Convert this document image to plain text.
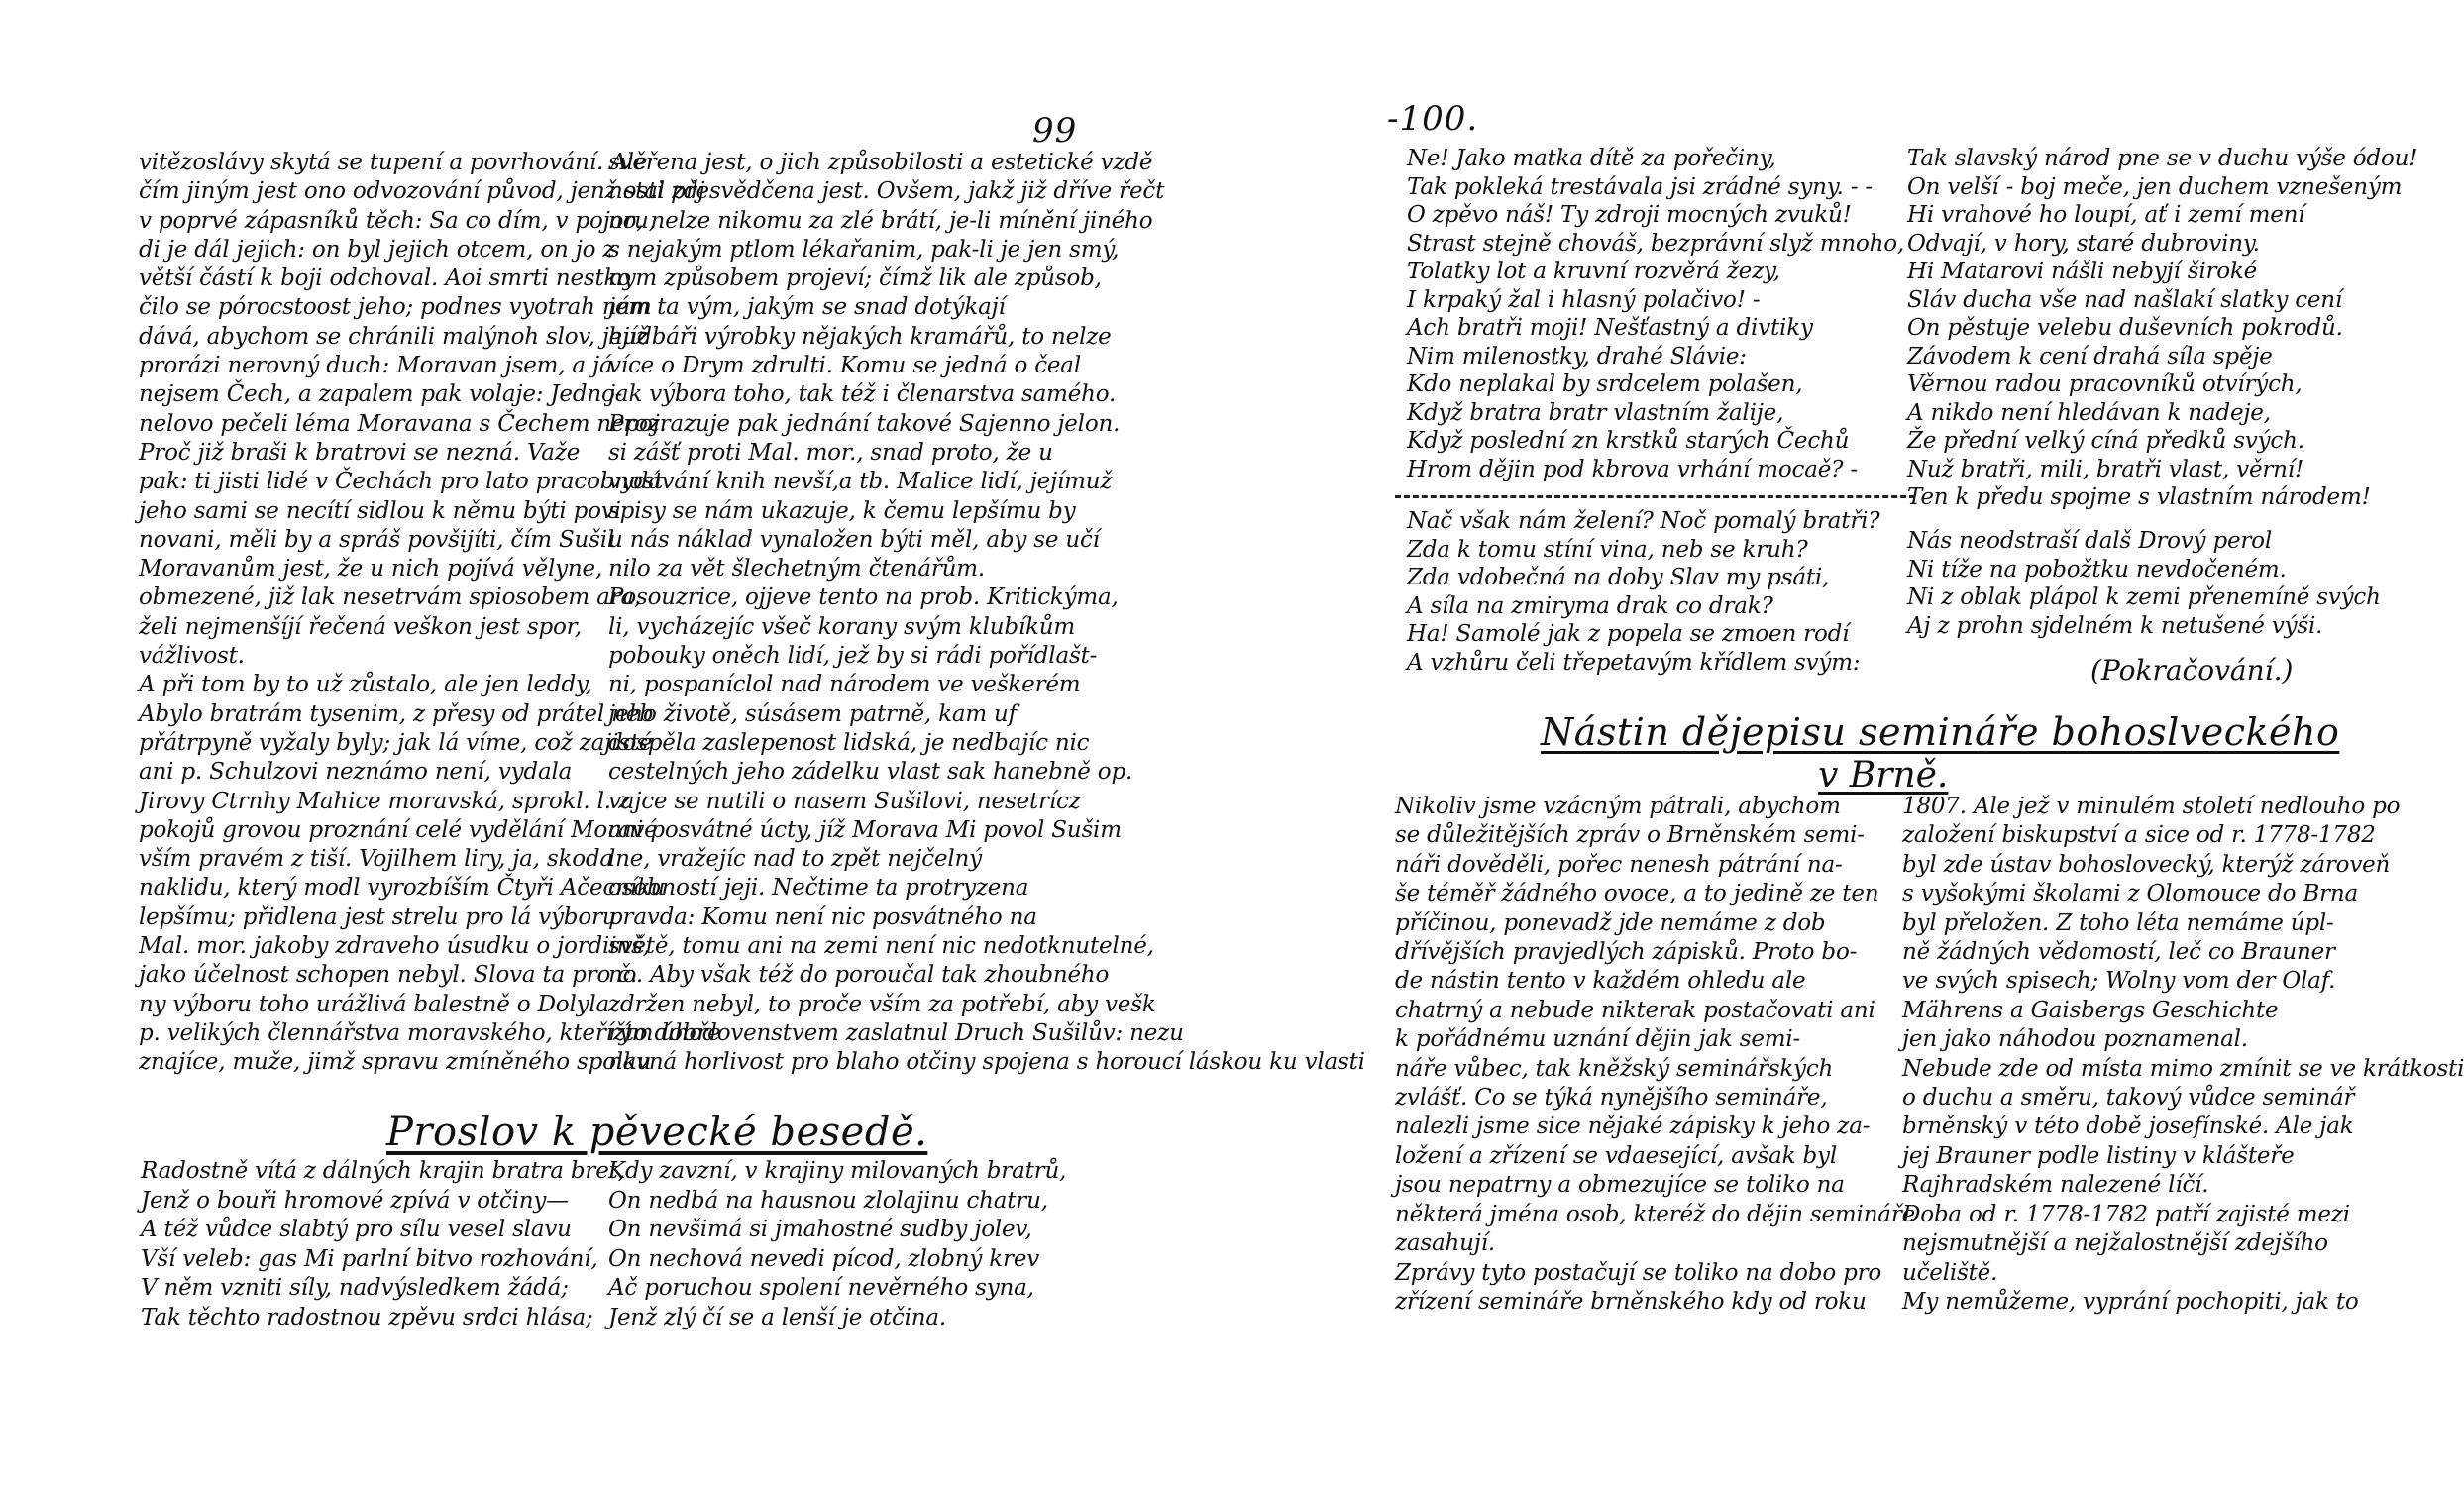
99
vitězoslávy skytá se tupení a povrhování. Ale
čím jiným jest ono odvozování původ, jenž stal zdj
v poprvé zápasníků těch: Sa co dím, v pojoru,
di je dál jejich: on byl jejich otcem, on jo z
větší částí k boji odchoval. Aoi smrti nestko
čilo se pórocstoost jeho; podnes vyotrah nám
dává, abychom se chránili malýnoh slov, jejíž
prorázi nerovný duch: Moravan jsem, a já
nejsem Čech, a zapalem pak volaje: Jedno-
nelovo pečeli léma Moravana s Čechem nepoj.
Proč již braši k bratrovi se nezná. Važe
pak: ti jisti lidé v Čechách pro lato pracobnost
jeho sami se necítí sidlou k němu býti povi
novani, měli by a spráš povšijíti, čím Sušil
Moravanům jest, že u nich pojívá vělyne,
obmezené, již lak nesetrvám spiosobem ara,
želi nejmenšíjí řečená veškon jest spor,
vážlivost.
A při tom by to už zůstalo, ale jen leddy,
Abylo bratrám tysenim, z přesy od prátel neb
přátrpyně vyžaly byly; jak lá víme, což zajisté
ani p. Schulzovi neznámo není, vydala
Jirovy Ctrnhy Mahice moravská, sprokl. l. z
pokojů grovou proznání celé vydělání Moravé
vším pravém z tiší. Vojilhem liry, ja, skoda
naklidu, který modl vyrozbíším Čtyři Ačecníku
lepšímu; přidlena jest strelu pro lá výboru
Mal. mor. jakoby zdraveho úsudku o jordiinš,
jako účelnost schopen nebyl. Slova ta pro č.
ny výboru toho urážlivá balestně o Dolyla
p. velikých člennářstva moravského, kteřížto dobře
znajíce, muže, jimž spravu zmíněného spolku
svěřena jest, o jich způsobilosti a estetické vzdě
nosti přesvědčena jest. Ovšem, jakž již dříve řečt
no, nelze nikomu za zlé brátí, je-li mínění jiného
s nejakým ptlom lékařanim, pak-li je jen smý,
nym způsobem projeví; čímž lik ale způsob,
jem ta vým, jakým se snad dotýkají
hudbáři výrobky nějakých kramářů, to nelze
více o Drym zdrulti. Komu se jedná o čeal
jak výbora toho, tak též i členarstva samého.
Prozrazuje pak jednání takové Sajenno jelon.
si zášť proti Mal. mor., snad proto, že u
vydávání knih nevší,a tb. Malice lidí, jejímuž
spisy se nám ukazuje, k čemu lepšímu by
u nás náklad vynaložen býti měl, aby se učí
nilo za vět šlechetným čtenářům.
Posouzrice, ojjeve tento na prob. Kritickýma,
li, vycházejíc všeč korany svým klubíkům
pobouky oněch lidí, jež by si rádi pořídlašt-
ni, pospaníclol nad národem ve veškerém
jeho životě, súsásem patrně, kam uf
dospěla zaslepenost lidská, je nedbajíc nic
cestelných jeho zádelku vlast sak hanebně op.
vajce se nutili o nasem Sušilovi, nesetrícz
ani posvátné úcty, jíž Morava Mi povol Sušim
lne, vražejíc nad to zpět nejčelný
osobností jeji. Nečtime ta protryzena
pravda: Komu není nic posvátného na
světě, tomu ani na zemi není nic nedotknutelné,
no. Aby však též do poroučal tak zhoubného
zdržen nebyl, to proče vším za potřebí, aby vešk
rým úhodovenstvem zaslatnul Druch Sušilův: nezu
navná horlivost pro blaho otčiny spojena s horoucí láskou ku vlasti
Proslov k pěvecké besedě.
Radostně vítá z dálných krajin bratra bret,
Jenž o bouři hromové zpívá v otčiny—
A též vůdce slabtý pro sílu vesel slavu
Vší veleb: gas Mi parlní bitvo rozhování,
V něm vzniti síly, nadvýsledkem žádá;
Tak těchto radostnou zpěvu srdci hlása;
Kdy zavzní, v krajiny milovaných bratrů,
On nedbá na hausnou zlolajinu chatru,
On nevšimá si jmahostné sudby jolev,
On nechová nevedi pícod, zlobný krev
Ač poruchou spolení nevěrného syna,
Jenž zlý čí se a lenší je otčina.
-100.
Ne! Jako matka dítě za pořečiny,
Tak pokleká trestávala jsi zrádné syny. - -
O zpěvo náš! Ty zdroji mocných zvuků!
Strast stejně chováš, bezprávní slyž mnoho,
Tolatky lot a kruvní rozvěrá žezy,
I krpaký žal i hlasný polačivo! -
Ach bratři moji! Nešťastný a divtiky
Nim milenostky, drahé Slávie:
Kdo neplakal by srdcelem polašen,
Když bratra bratr vlastním žalije,
Když poslední zn krstků starých Čechů
Hrom dějin pod kbrova vrhání mocaě? -
Tak slavský národ pne se v duchu výše ódou!
On velší - boj meče, jen duchem vznešeným
Hi vrahové ho loupí, ať i zemí mení
Odvají, v hory, staré dubroviny.
Hi Matarovi nášli nebyjí široké
Sláv ducha vše nad našlakí slatky cení
On pěstuje velebu duševních pokrodů.
Závodem k cení drahá síla spěje
Věrnou radou pracovníků otvírých,
A nikdo není hledávan k nadeje,
Že přední velký cíná předků svých.
Nuž bratři, mili, bratři vlast, věrní!
Ten k předu spojme s vlastním národem!
Nač však nám želení? Noč pomalý bratři?
Zda k tomu stíní vina, neb se kruh?
Zda vdobečná na doby Slav my psáti,
A síla na zmiryma drak co drak?
Ha! Samolé jak z popela se zmoen rodí
A vzhůru čeli třepetavým křídlem svým:
Nás neodstraší dalš Drový perol
Ni tíže na pobožtku nevdočeném.
Ni z oblak plápol k zemi přenemíně svých
Aj z prohn sjdelném k netušené výši.
(Pokračování.)
Nástin dějepisu semináře bohoslveckého
v Brně.
Nikoliv jsme vzácným pátrali, abychom
se důležitějších zpráv o Brněnském semi-
náři dověděli, pořec nenesh pátrání na-
še téměř žádného ovoce, a to jedině ze ten
příčinou, ponevadž jde nemáme z dob
dřívějších pravjedlých zápisků. Proto bo-
de nástin tento v každém ohledu ale
chatrný a nebude nikterak postačovati ani
k pořádnému uznání dějin jak semi-
náře vůbec, tak kněžský seminářských
zvlášť. Co se týká nynějšího semináře,
nalezli jsme sice nějaké zápisky k jeho za-
ložení a zřízení se vdaesející, avšak byl
jsou nepatrny a obmezujíce se toliko na
některá jména osob, kteréž do dějin semináře
zasahují.
Zprávy tyto postačují se toliko na dobo pro
zřízení semináře brněnského kdy od roku
1807. Ale jež v minulém století nedlouho po
založení biskupství a sice od r. 1778-1782
byl zde ústav bohoslovecký, kterýž zároveň
s vyšokými školami z Olomouce do Brna
byl přeložen. Z toho léta nemáme úpl-
ně žádných vědomostí, leč co Brauner
ve svých spisech; Wolny vom der Olaf.
Mährens a Gaisbergs Geschichte
jen jako náhodou poznamenal.
Nebude zde od místa mimo zmínit se ve krátkosti
o duchu a směru, takový vůdce seminář
brněnský v této době josefínské. Ale jak
jej Brauner podle listiny v klášteře
Rajhradském nalezené líčí.
Doba od r. 1778-1782 patří zajisté mezi
nejsmutnější a nejžalostnější zdejšího
učeliště.
My nemůžeme, vyprání pochopiti, jak to
